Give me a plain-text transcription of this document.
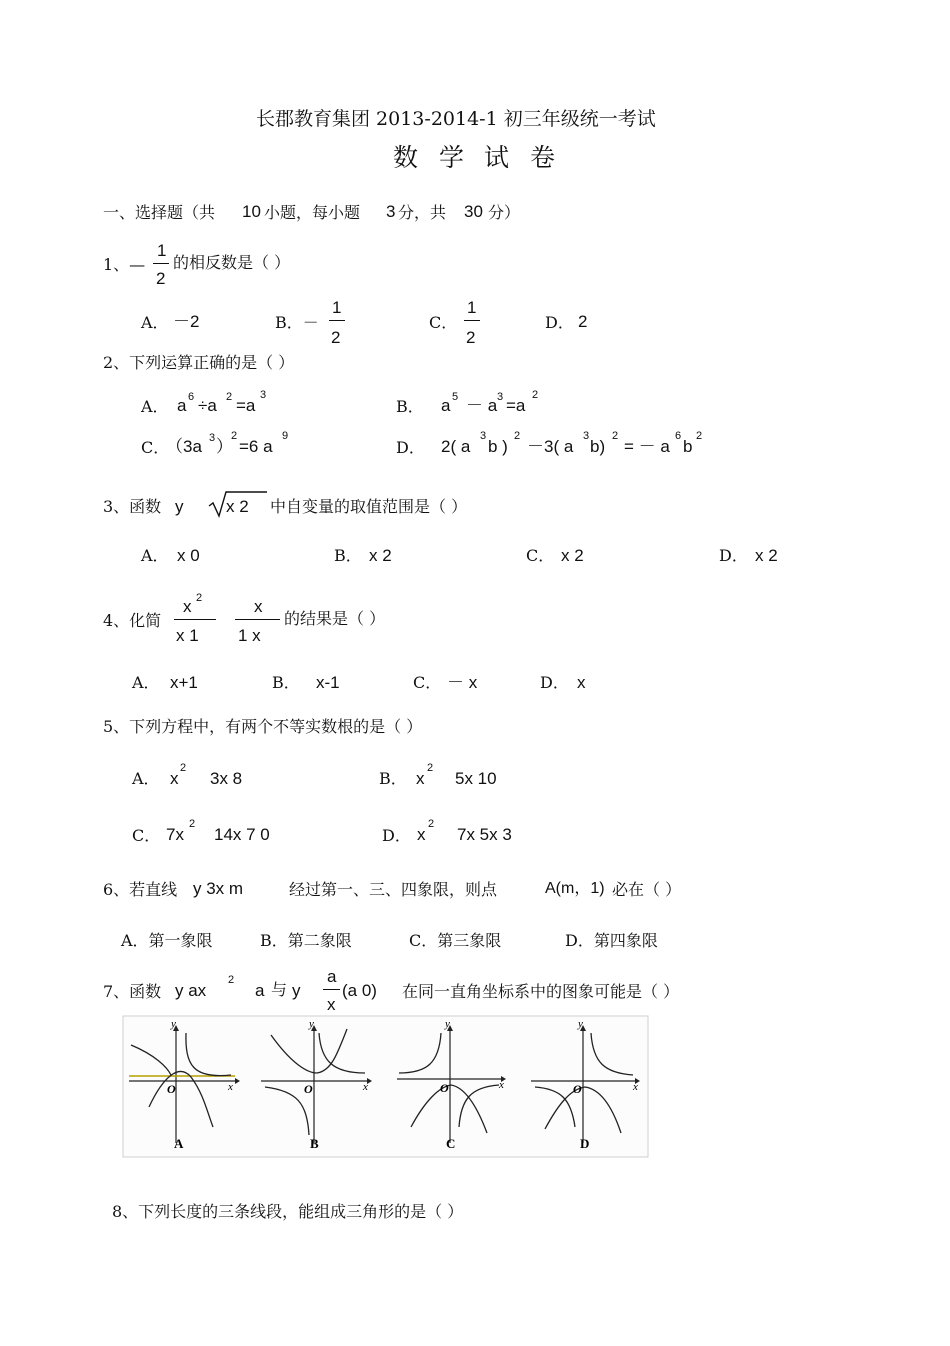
长郡教育集团 2013-2014-1 初三年级统一考试
数 学 试 卷
一、选择题（共 10 小题，每小题 3 分，共 30 分）
1、—
1
2
的相反数是（ ）
A． －2	B．－
1
2
C．
1
2
D． 2
2、下列运算正确的是（ ）
A． a 6 ÷a 2 =a
3
B． a 5 － a 3 =a
2
C．
（3a 3 ）
2
=6 a
9
D． 2( a
3
b )
2
－3( a
3
b)
2
= － a
6
b
2
3、函数 y	x 2 中自变量的取值范围是（ ）
A． x 0	B． x 2	C． x 2	D． x 2
4、化简
x 2
x 1
x
1 x
的结果是（ ）
A． x+1	B． x-1	C． － x	D． x
5、下列方程中，有两个不等实数根的是（ ）
A． x
2
3x 8	B． x
2
5x 10
C． 7x
2
14x 7 0	D． x
2
7x 5x 3
6、若直线 y 3x m	经过第一、三、四象限，则点	A(m，1) 必在（ ）
A．第一象限	B．第二象限	C．第三象限	D．第四象限
7、函数 y ax
2
a 与 y
a
x
(a 0) 在同一直角坐标系中的图象可能是（ ）
y
x
O
A
y
x
O
B
y
x
O
C
y
x
O
D
8、下列长度的三条线段，能组成三角形的是（ ）
